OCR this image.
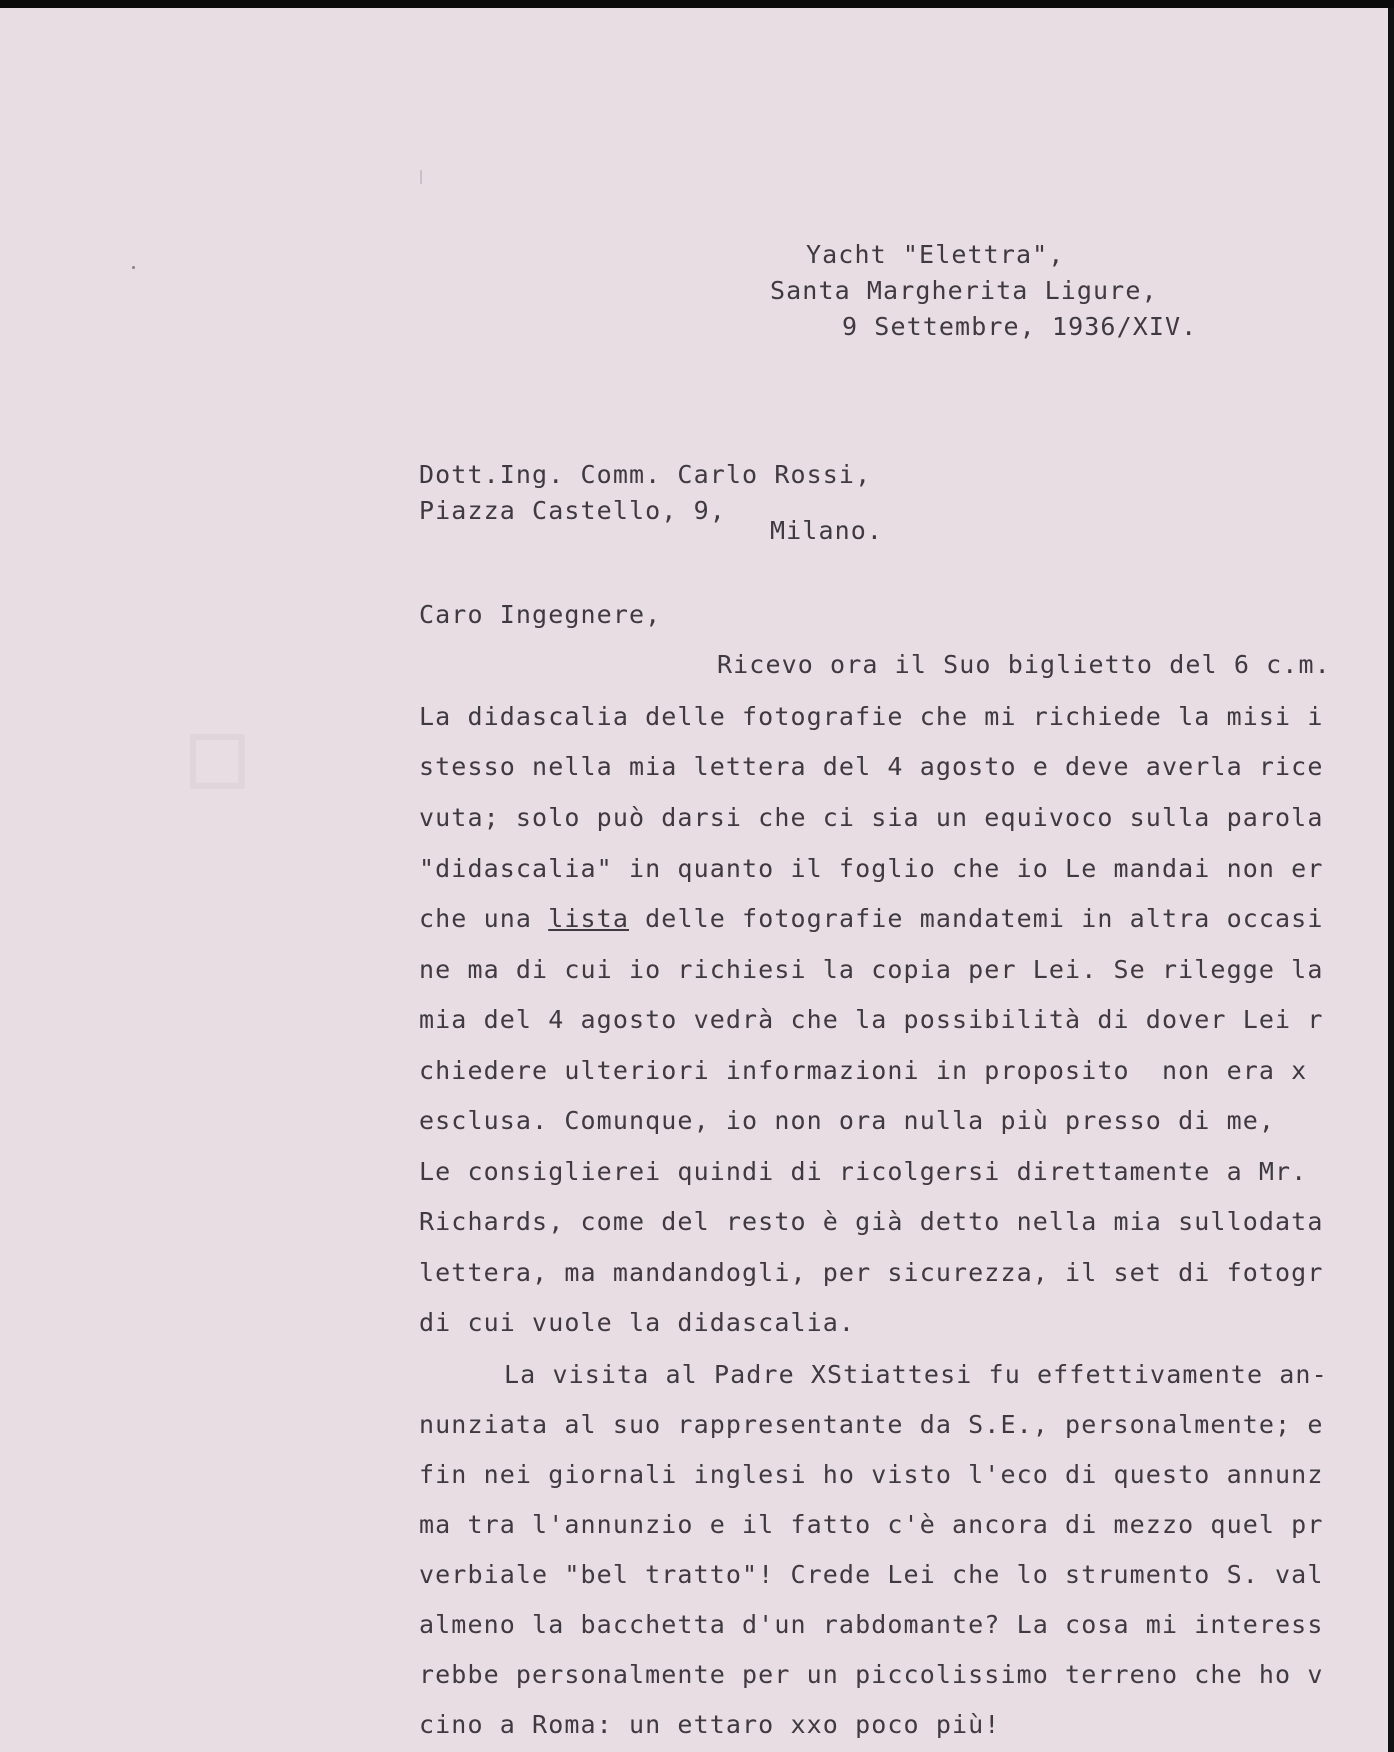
▫
Yacht "Elettra",
Santa Margherita Ligure,
9 Settembre, 1936/XIV.
Dott.Ing. Comm. Carlo Rossi,
Piazza Castello, 9,
Milano.
Caro Ingegnere,
Ricevo ora il Suo biglietto del 6 c.m.
La didascalia delle fotografie che mi richiede la misi i
stesso nella mia lettera del 4 agosto e deve averla rice
vuta; solo può darsi che ci sia un equivoco sulla parola
"didascalia" in quanto il foglio che io Le mandai non er
che una lista delle fotografie mandatemi in altra occasi
ne ma di cui io richiesi la copia per Lei. Se rilegge la
mia del 4 agosto vedrà che la possibilità di dover Lei r
chiedere ulteriori informazioni in proposito  non era x
esclusa. Comunque, io non ora nulla più presso di me,
Le consiglierei quindi di ricolgersi direttamente a Mr.
Richards, come del resto è già detto nella mia sullodata
lettera, ma mandandogli, per sicurezza, il set di fotogr
di cui vuole la didascalia.
La visita al Padre XStiattesi fu effettivamente an-
nunziata al suo rappresentante da S.E., personalmente; e
fin nei giornali inglesi ho visto l'eco di questo annunz
ma tra l'annunzio e il fatto c'è ancora di mezzo quel pr
verbiale "bel tratto"! Crede Lei che lo strumento S. val
almeno la bacchetta d'un rabdomante? La cosa mi interess
rebbe personalmente per un piccolissimo terreno che ho v
cino a Roma: un ettaro xxo poco più!
